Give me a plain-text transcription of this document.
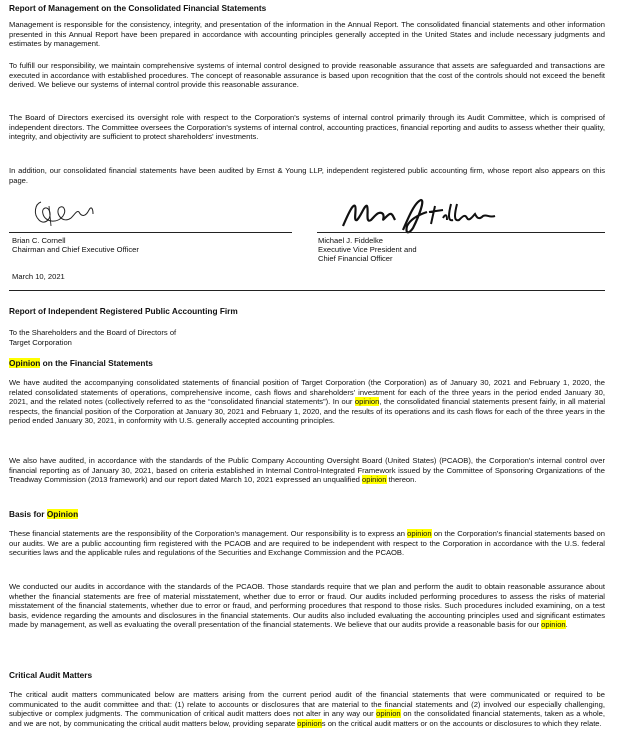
Report of Management on the Consolidated Financial Statements

Management is responsible for the consistency, integrity, and presentation of the information in the Annual Report. The consolidated financial statements and other information presented in this Annual Report have been prepared in accordance with accounting principles generally accepted in the United States and include necessary judgments and estimates by management.

To fulfill our responsibility, we maintain comprehensive systems of internal control designed to provide reasonable assurance that assets are safeguarded and transactions are executed in accordance with established procedures. The concept of reasonable assurance is based upon recognition that the cost of the controls should not exceed the benefit derived. We believe our systems of internal control provide this reasonable assurance.

The Board of Directors exercised its oversight role with respect to the Corporation's systems of internal control primarily through its Audit Committee, which is comprised of independent directors. The Committee oversees the Corporation's systems of internal control, accounting practices, financial reporting and audits to assess whether their quality, integrity, and objectivity are sufficient to protect shareholders' investments.

In addition, our consolidated financial statements have been audited by Ernst & Young LLP, independent registered public accounting firm, whose report also appears on this page.

Brian C. Cornell
Chairman and Chief Executive Officer
Michael J. Fiddelke
Executive Vice President and
Chief Financial Officer
March 10, 2021
Report of Independent Registered Public Accounting Firm

To the Shareholders and the Board of Directors of

Target Corporation

Opinion on the Financial Statements

We have audited the accompanying consolidated statements of financial position of Target Corporation (the Corporation) as of January 30, 2021 and February 1, 2020, the related consolidated statements of operations, comprehensive income, cash flows and shareholders' investment for each of the three years in the period ended January 30, 2021, and the related notes (collectively referred to as the “consolidated financial statements”). In our opinion, the consolidated financial statements present fairly, in all material respects, the financial position of the Corporation at January 30, 2021 and February 1, 2020, and the results of its operations and its cash flows for each of the three years in the period ended January 30, 2021, in conformity with U.S. generally accepted accounting principles.

We also have audited, in accordance with the standards of the Public Company Accounting Oversight Board (United States) (PCAOB), the Corporation's internal control over financial reporting as of January 30, 2021, based on criteria established in Internal Control-Integrated Framework issued by the Committee of Sponsoring Organizations of the Treadway Commission (2013 framework) and our report dated March 10, 2021 expressed an unqualified opinion thereon.

Basis for Opinion

These financial statements are the responsibility of the Corporation's management. Our responsibility is to express an opinion on the Corporation's financial statements based on our audits. We are a public accounting firm registered with the PCAOB and are required to be independent with respect to the Corporation in accordance with the U.S. federal securities laws and the applicable rules and regulations of the Securities and Exchange Commission and the PCAOB.

We conducted our audits in accordance with the standards of the PCAOB. Those standards require that we plan and perform the audit to obtain reasonable assurance about whether the financial statements are free of material misstatement, whether due to error or fraud. Our audits included performing procedures to assess the risks of material misstatement of the financial statements, whether due to error or fraud, and performing procedures that respond to those risks. Such procedures included examining, on a test basis, evidence regarding the amounts and disclosures in the financial statements. Our audits also included evaluating the accounting principles used and significant estimates made by management, as well as evaluating the overall presentation of the financial statements. We believe that our audits provide a reasonable basis for our opinion.

Critical Audit Matters

The critical audit matters communicated below are matters arising from the current period audit of the financial statements that were communicated or required to be communicated to the audit committee and that: (1) relate to accounts or disclosures that are material to the financial statements and (2) involved our especially challenging, subjective or complex judgments. The communication of critical audit matters does not alter in any way our opinion on the consolidated financial statements, taken as a whole, and we are not, by communicating the critical audit matters below, providing separate opinions on the critical audit matters or on the accounts or disclosures to which they relate.
